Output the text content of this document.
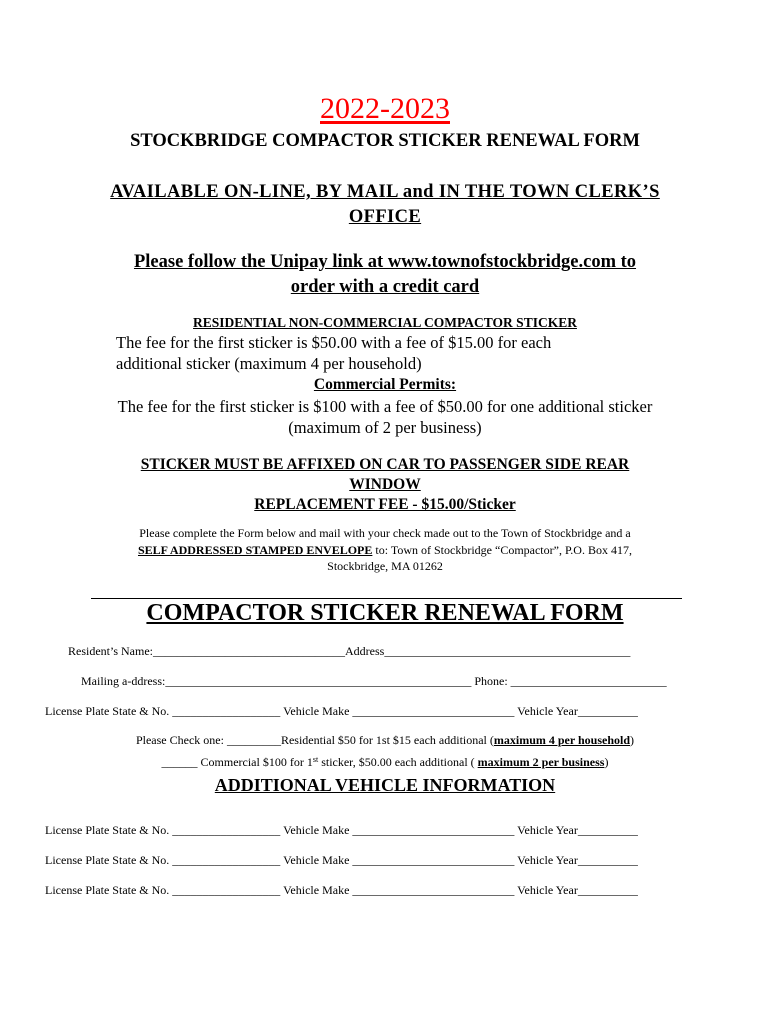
2022-2023
STOCKBRIDGE COMPACTOR STICKER RENEWAL FORM
AVAILABLE ON-LINE, BY MAIL and IN THE TOWN CLERK’S
OFFICE
Please follow the Unipay link at www.townofstockbridge.com to
order with a credit card
RESIDENTIAL NON-COMMERCIAL COMPACTOR STICKER
The fee for the first sticker is $50.00 with a fee of $15.00 for each
additional sticker (maximum 4 per household)
Commercial Permits:
The fee for the first sticker is $100 with a fee of $50.00 for one additional sticker
(maximum of 2 per business)
STICKER MUST BE AFFIXED ON CAR TO PASSENGER SIDE REAR
WINDOW
REPLACEMENT FEE - $15.00/Sticker
Please complete the Form below and mail with your check made out to the Town of Stockbridge and a
SELF ADDRESSED STAMPED ENVELOPE to: Town of Stockbridge “Compactor”, P.O. Box 417,
Stockbridge, MA 01262
COMPACTOR STICKER RENEWAL FORM
Resident’s Name:________________________________Address_________________________________________
Mailing a-ddress:___________________________________________________ Phone: __________________________
License Plate State & No. __________________ Vehicle Make ___________________________ Vehicle Year__________
Please Check one: _________Residential $50 for 1st $15 each additional (maximum 4 per household)
______ Commercial $100 for 1st sticker, $50.00 each additional ( maximum 2 per business)
ADDITIONAL VEHICLE INFORMATION
License Plate State & No. __________________ Vehicle Make ___________________________ Vehicle Year__________
License Plate State & No. __________________ Vehicle Make ___________________________ Vehicle Year__________
License Plate State & No. __________________ Vehicle Make ___________________________ Vehicle Year__________
